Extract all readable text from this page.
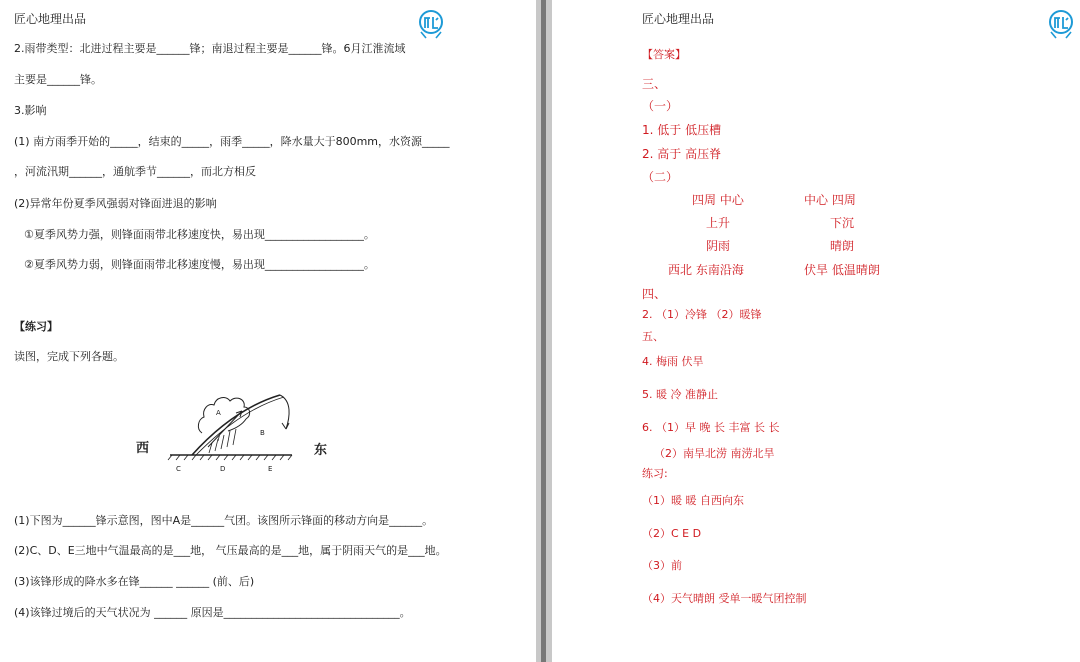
匠心地理出品
2.雨带类型：北进过程主要是______锋；南退过程主要是______锋。6月江淮流域
主要是______锋。
3.影响
(1) 南方雨季开始的_____，结束的_____，雨季_____，降水量大于800mm，水资源_____
，河流汛期______，通航季节______，而北方相反
(2)异常年份夏季风强弱对锋面进退的影响
①夏季风势力强，则锋面雨带北移速度快，易出现__________________。
②夏季风势力弱，则锋面雨带北移速度慢，易出现__________________。
【练习】
读图，完成下列各题。
西	东
A
B
C	D	E
(1)下图为______锋示意图，图中A是______气团。该图所示锋面的移动方向是______。
(2)C、D、E三地中气温最高的是___地， 气压最高的是___地，属于阴雨天气的是___地。
(3)该锋形成的降水多在锋______ ______ (前、后)
(4)该锋过境后的天气状况为 ______ 原因是________________________________。
匠心地理出品
【答案】
三、
（一）
1. 低于 低压槽
2. 高于 高压脊
（二）
四周 中心	中心 四周
上升	下沉
阴雨	晴朗
西北 东南沿海	伏旱 低温晴朗
四、
2. （1）冷锋 （2）暖锋
五、
4. 梅雨 伏旱
5. 暖 冷 准静止
6. （1）早 晚 长 丰富 长 长
（2）南旱北涝 南涝北旱
练习:
（1）暖 暖 自西向东
（2）C E D
（3）前
（4）天气晴朗 受单一暖气团控制
